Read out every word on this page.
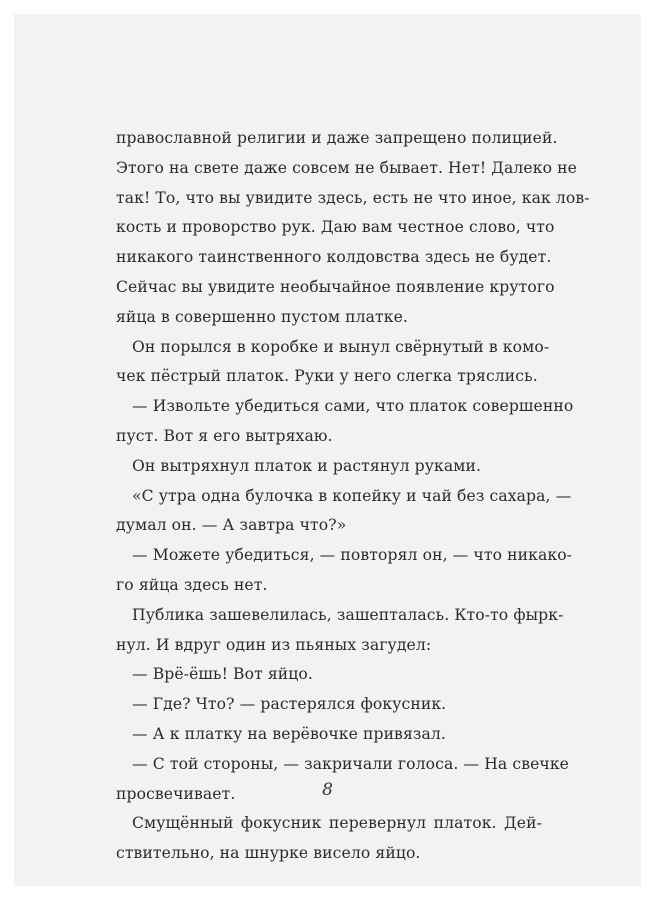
православной религии и даже запрещено полицией.
Этого на свете даже совсем не бывает. Нет! Далеко не
так! То, что вы увидите здесь, есть не что иное, как лов-
кость и проворство рук. Даю вам честное слово, что
никакого таинственного колдовства здесь не будет.
Сейчас вы увидите необычайное появление крутого
яйца в совершенно пустом платке.
Он порылся в коробке и вынул свёрнутый в комо-
чек пёстрый платок. Руки у него слегка тряслись.
— Извольте убедиться сами, что платок совершенно
пуст. Вот я его вытряхаю.
Он вытряхнул платок и растянул руками.
«С утра одна булочка в копейку и чай без сахара, —
думал он. — А завтра что?»
— Можете убедиться, — повторял он, — что никако-
го яйца здесь нет.
Публика зашевелилась, зашепталась. Кто-то фырк-
нул. И вдруг один из пьяных загудел:
— Врё-ёшь! Вот яйцо.
— Где? Что? — растерялся фокусник.
— А к платку на верёвочке привязал.
— С той стороны, — закричали голоса. — На свечке
просвечивает.
Смущённый фокусник перевернул платок. Дей-
ствительно, на шнурке висело яйцо.
8
